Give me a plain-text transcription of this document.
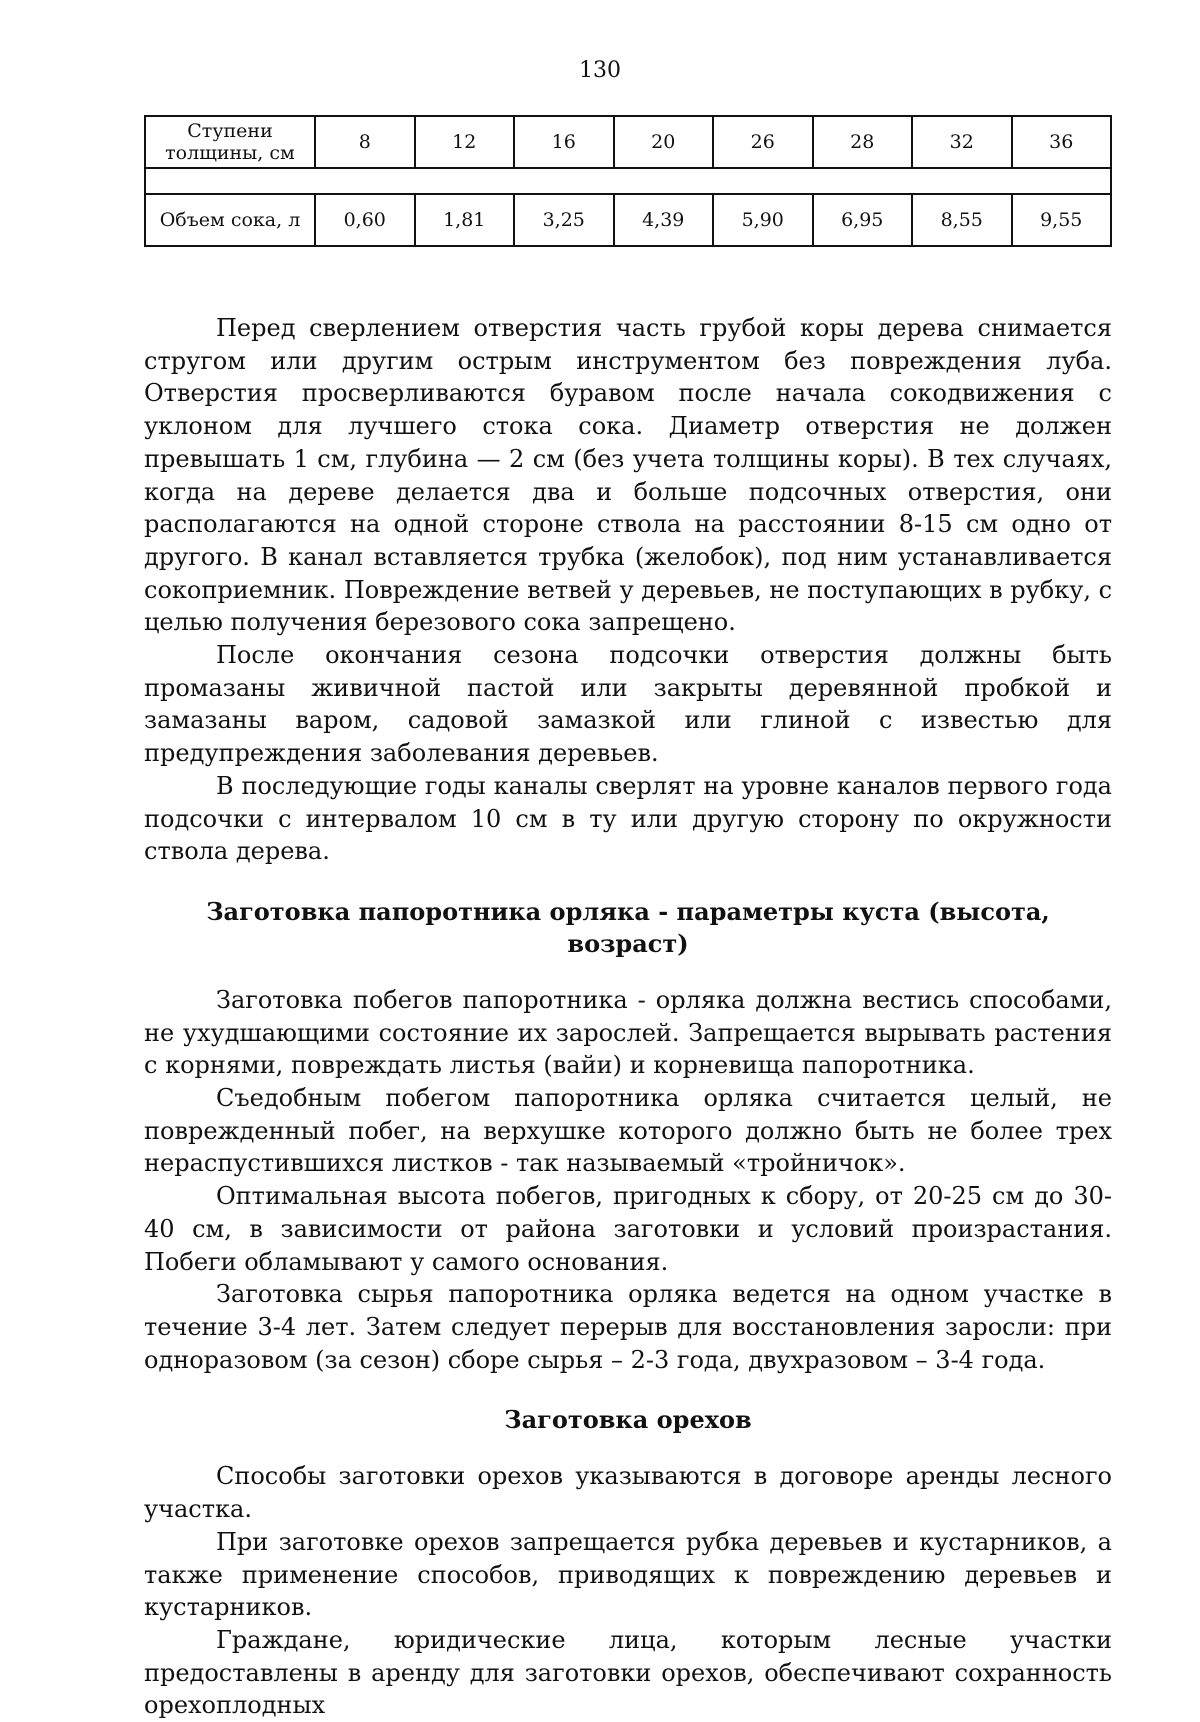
130
Ступени толщины, см	8	12	16	20	26	28	32	36

Объем сока, л	0,60	1,81	3,25	4,39	5,90	6,95	8,55	9,55

Перед сверлением отверстия часть грубой коры дерева снимается стругом или другим острым инструментом без повреждения луба. Отверстия просверливаются буравом после начала сокодвижения с уклоном для лучшего стока сока. Диаметр отверстия не должен превышать 1 см, глубина — 2 см (без учета толщины коры). В тех случаях, когда на дереве делается два и больше подсочных отверстия, они располагаются на одной стороне ствола на расстоянии 8-15 см одно от другого. В канал вставляется трубка (желобок), под ним устанавливается сокоприемник. Повреждение ветвей у деревьев, не поступающих в рубку, с целью получения березового сока запрещено.

После окончания сезона подсочки отверстия должны быть промазаны живичной пастой или закрыты деревянной пробкой и замазаны варом, садовой замазкой или глиной с известью для предупреждения заболевания деревьев.

В последующие годы каналы сверлят на уровне каналов первого года подсочки с интервалом 10 см в ту или другую сторону по окружности ствола дерева.

Заготовка папоротника орляка - параметры куста (высота, возраст)

Заготовка побегов папоротника - орляка должна вестись способами, не ухудшающими состояние их зарослей. Запрещается вырывать растения с корнями, повреждать листья (вайи) и корневища папоротника.

Съедобным побегом папоротника орляка считается целый, не поврежденный побег, на верхушке которого должно быть не более трех нераспустившихся листков - так называемый «тройничок».

Оптимальная высота побегов, пригодных к сбору, от 20-25 см до 30-40 см, в зависимости от района заготовки и условий произрастания. Побеги обламывают у самого основания.

Заготовка сырья папоротника орляка ведется на одном участке в течение 3-4 лет. Затем следует перерыв для восстановления заросли: при одноразовом (за сезон) сборе сырья – 2-3 года, двухразовом – 3-4 года.

Заготовка орехов

Способы заготовки орехов указываются в договоре аренды лесного участка.

При заготовке орехов запрещается рубка деревьев и кустарников, а также применение способов, приводящих к повреждению деревьев и кустарников.

Граждане, юридические лица, которым лесные участки предоставлены в аренду для заготовки орехов, обеспечивают сохранность орехоплодных
